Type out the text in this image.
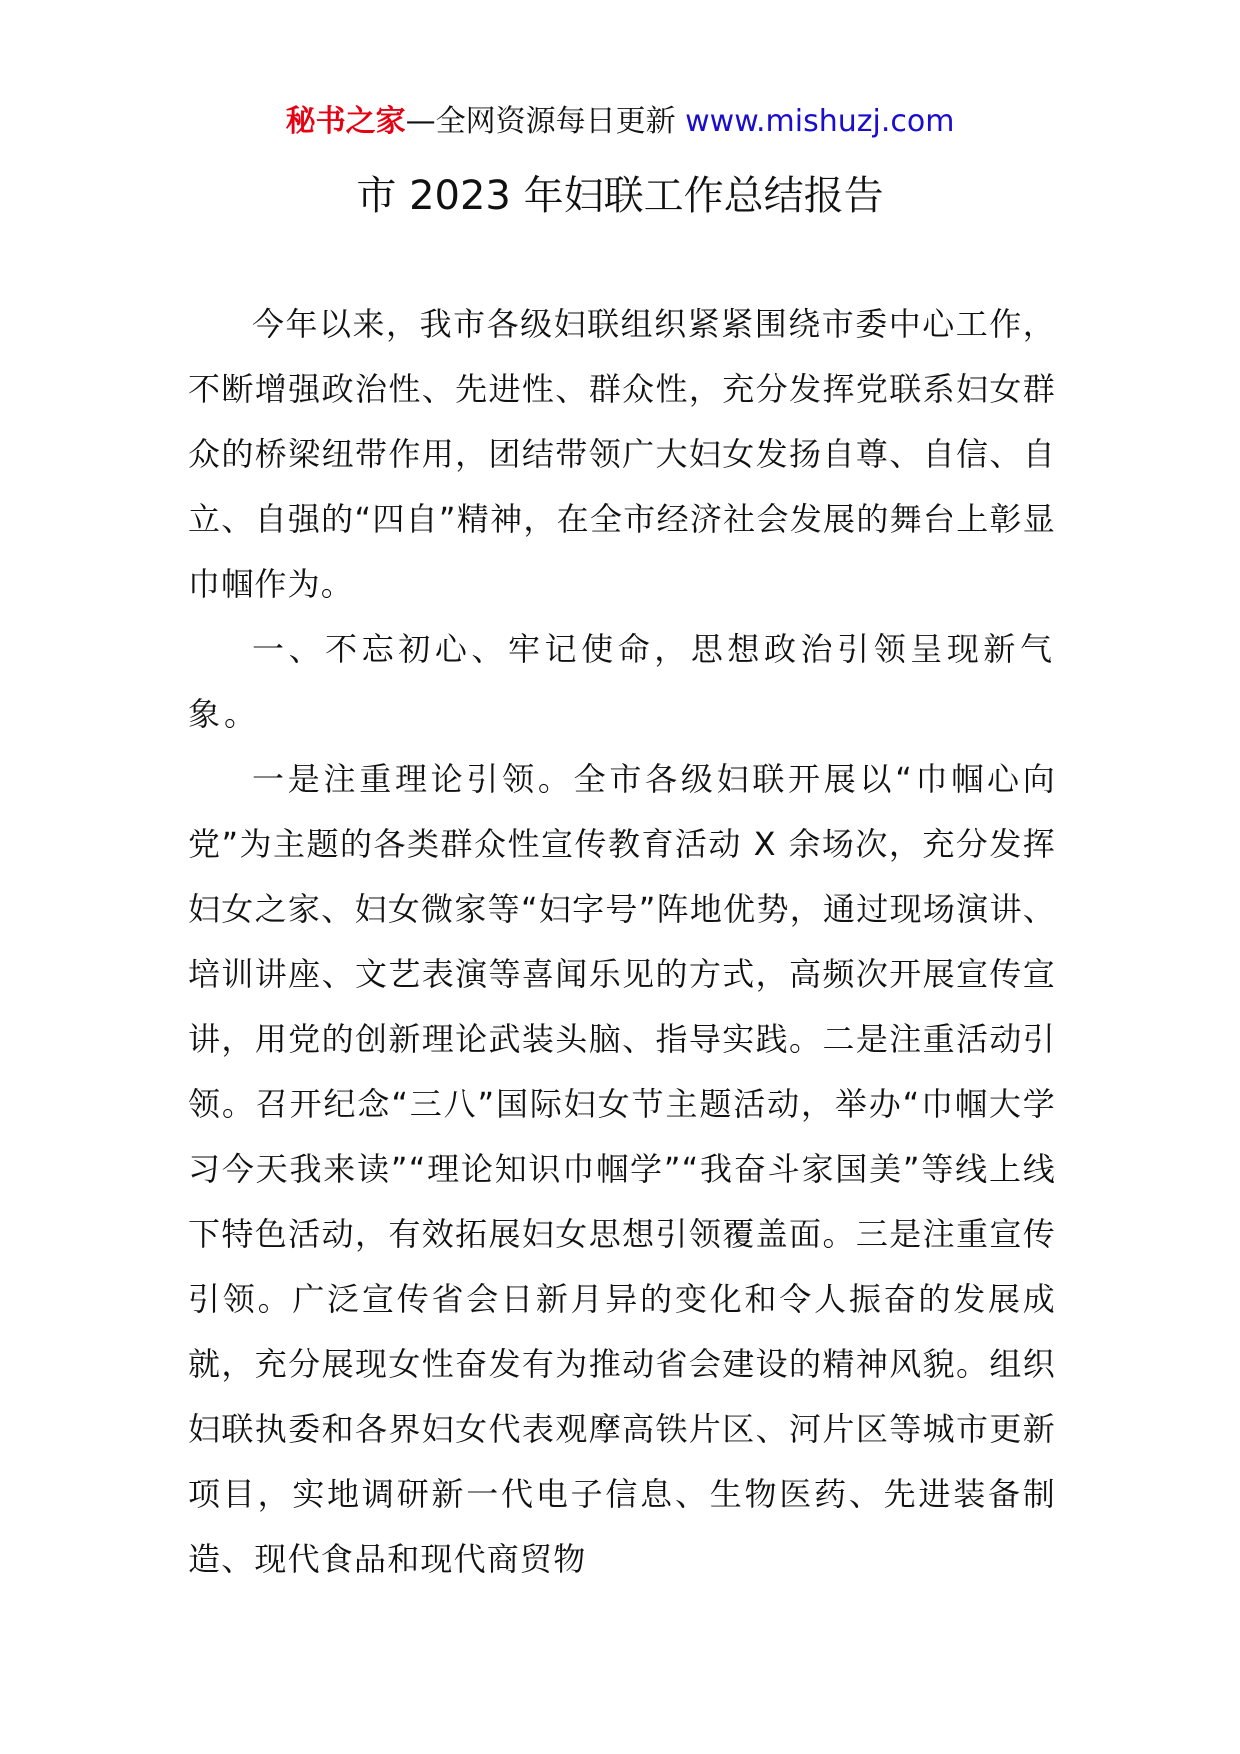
秘书之家—全网资源每日更新 www.mishuzj.com
市 2023 年妇联工作总结报告

今年以来，我市各级妇联组织紧紧围绕市委中心工作，不断增强政治性、先进性、群众性，充分发挥党联系妇女群众的桥梁纽带作用，团结带领广大妇女发扬自尊、自信、自立、自强的“四自”精神，在全市经济社会发展的舞台上彰显巾帼作为。

一、不忘初心、牢记使命，思想政治引领呈现新气象。

一是注重理论引领。全市各级妇联开展以“巾帼心向党”为主题的各类群众性宣传教育活动 X 余场次，充分发挥妇女之家、妇女微家等“妇字号”阵地优势，通过现场演讲、培训讲座、文艺表演等喜闻乐见的方式，高频次开展宣传宣讲，用党的创新理论武装头脑、指导实践。二是注重活动引领。召开纪念“三八”国际妇女节主题活动，举办“巾帼大学习今天我来读”“理论知识巾帼学”“我奋斗家国美”等线上线下特色活动，有效拓展妇女思想引领覆盖面。三是注重宣传引领。广泛宣传省会日新月异的变化和令人振奋的发展成就，充分展现女性奋发有为推动省会建设的精神风貌。组织妇联执委和各界妇女代表观摩高铁片区、河片区等城市更新项目，实地调研新一代电子信息、生物医药、先进装备制造、现代食品和现代商贸物
